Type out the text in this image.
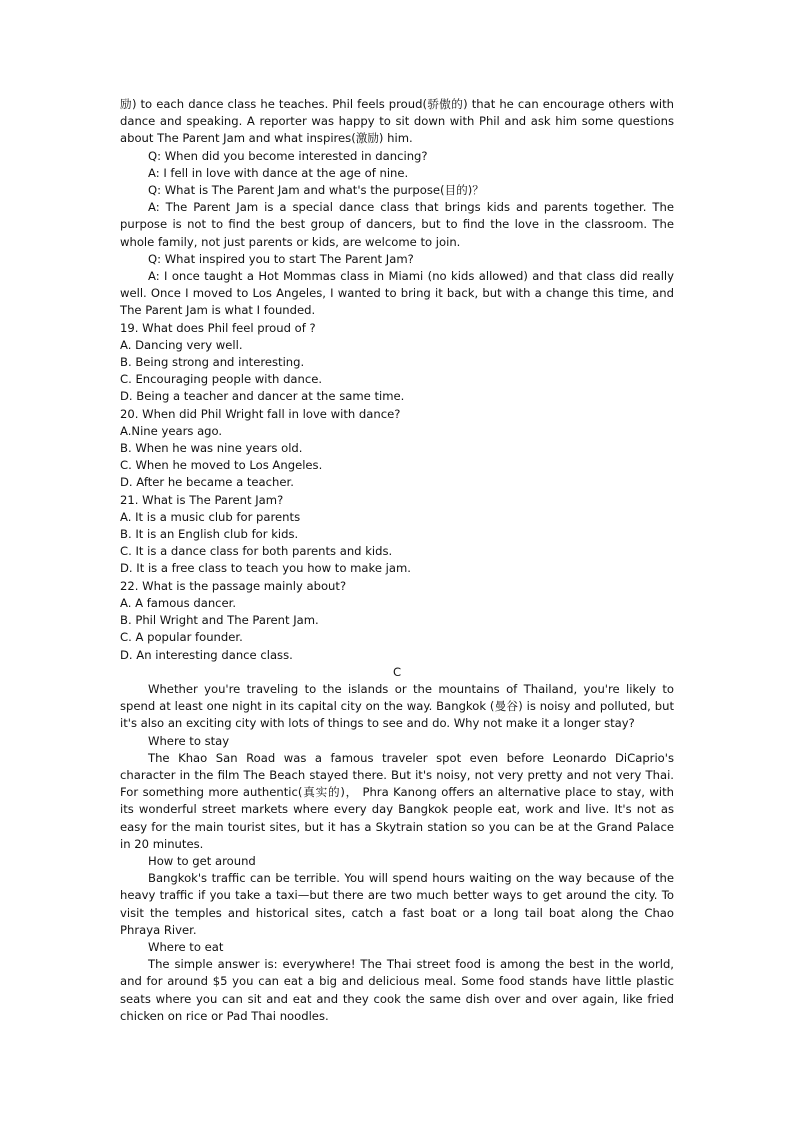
励) to each dance class he teaches. Phil feels proud(骄傲的) that he can encourage others with dance and speaking. A reporter was happy to sit down with Phil and ask him some questions about The Parent Jam and what inspires(激励) him.

Q: When did you become interested in dancing?

A: I fell in love with dance at the age of nine.

Q: What is The Parent Jam and what's the purpose(目的)？

A: The Parent Jam is a special dance class that brings kids and parents together. The purpose is not to find the best group of dancers, but to find the love in the classroom. The whole family, not just parents or kids, are welcome to join.

Q: What inspired you to start The Parent Jam?

A: I once taught a Hot Mommas class in Miami (no kids allowed) and that class did really well. Once I moved to Los Angeles, I wanted to bring it back, but with a change this time, and The Parent Jam is what I founded.

19. What does Phil feel proud of ?

A. Dancing very well.

B. Being strong and interesting.

C. Encouraging people with dance.

D. Being a teacher and dancer at the same time.

20. When did Phil Wright fall in love with dance?

A.Nine years ago.

B. When he was nine years old.

C. When he moved to Los Angeles.

D. After he became a teacher.

21. What is The Parent Jam?

A. It is a music club for parents

B. It is an English club for kids.

C. It is a dance class for both parents and kids.

D. It is a free class to teach you how to make jam.

22. What is the passage mainly about?

A. A famous dancer.

B. Phil Wright and The Parent Jam.

C. A popular founder.

D. An interesting dance class.

C

Whether you're traveling to the islands or the mountains of Thailand, you're likely to spend at least one night in its capital city on the way. Bangkok (曼谷) is noisy and polluted, but it's also an exciting city with lots of things to see and do. Why not make it a longer stay?

Where to stay

The Khao San Road was a famous traveler spot even before Leonardo DiCaprio's character in the film The Beach stayed there. But it's noisy, not very pretty and not very Thai. For something more authentic(真实的)， Phra Kanong offers an alternative place to stay, with its wonderful street markets where every day Bangkok people eat, work and live. It's not as easy for the main tourist sites, but it has a Skytrain station so you can be at the Grand Palace in 20 minutes.

How to get around

Bangkok's traffic can be terrible. You will spend hours waiting on the way because of the heavy traffic if you take a taxi—but there are two much better ways to get around the city. To visit the temples and historical sites, catch a fast boat or a long tail boat along the Chao Phraya River.

Where to eat

The simple answer is: everywhere! The Thai street food is among the best in the world, and for around $5 you can eat a big and delicious meal. Some food stands have little plastic seats where you can sit and eat and they cook the same dish over and over again, like fried chicken on rice or Pad Thai noodles.
